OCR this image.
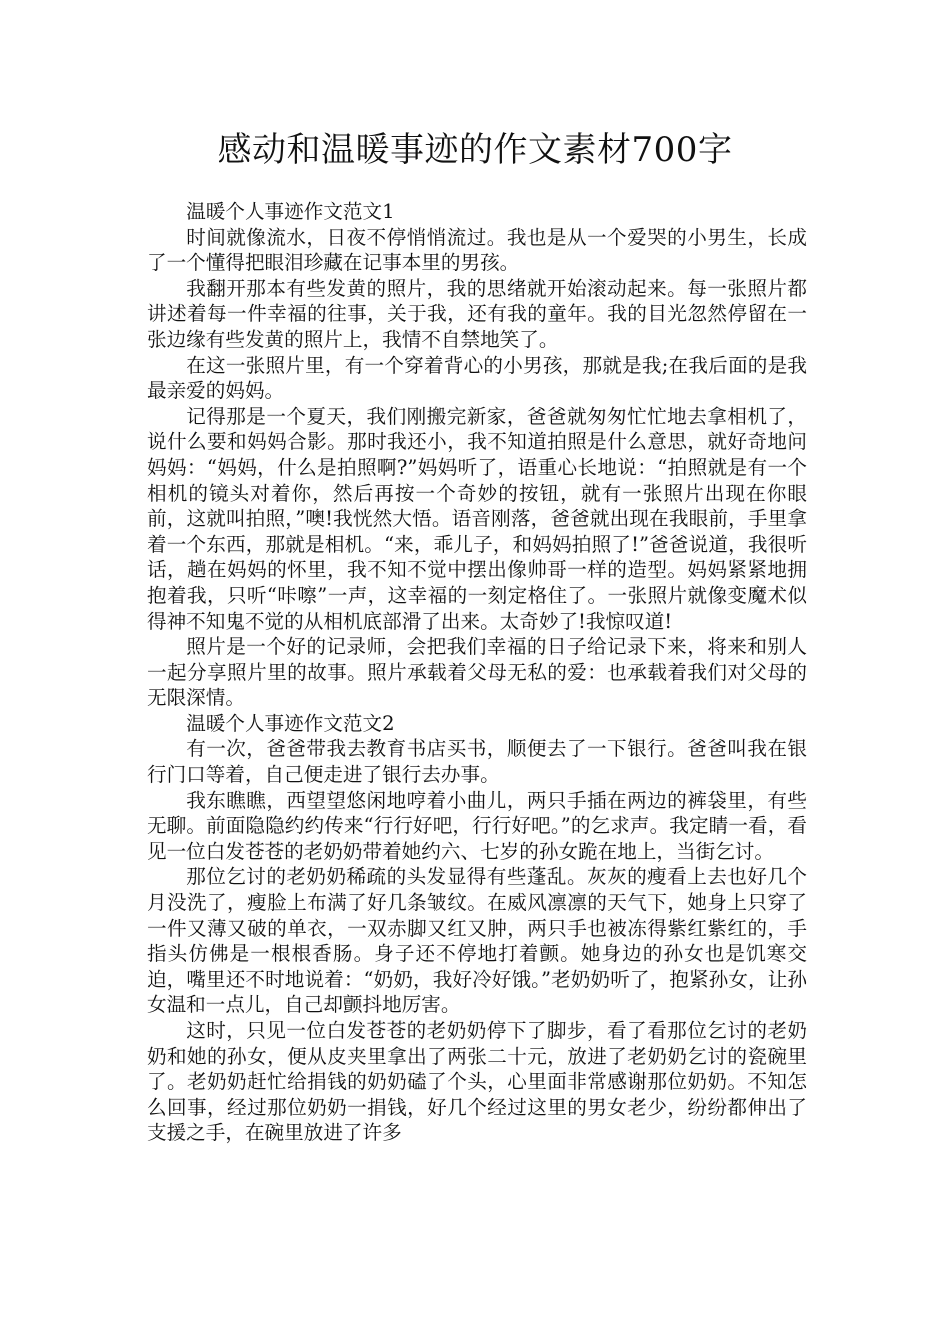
感动和温暖事迹的作文素材700字

温暖个人事迹作文范文1

时间就像流水，日夜不停悄悄流过。我也是从一个爱哭的小男生，长成了一个懂得把眼泪珍藏在记事本里的男孩。

我翻开那本有些发黄的照片，我的思绪就开始滚动起来。每一张照片都讲述着每一件幸福的往事，关于我，还有我的童年。我的目光忽然停留在一张边缘有些发黄的照片上，我情不自禁地笑了。

在这一张照片里，有一个穿着背心的小男孩，那就是我;在我后面的是我最亲爱的妈妈。

记得那是一个夏天，我们刚搬完新家，爸爸就匆匆忙忙地去拿相机了，说什么要和妈妈合影。那时我还小，我不知道拍照是什么意思，就好奇地问妈妈：“妈妈，什么是拍照啊?”妈妈听了，语重心长地说：“拍照就是有一个相机的镜头对着你，然后再按一个奇妙的按钮，就有一张照片出现在你眼前，这就叫拍照，”噢!我恍然大悟。语音刚落，爸爸就出现在我眼前，手里拿着一个东西，那就是相机。“来，乖儿子，和妈妈拍照了!”爸爸说道，我很听话，趟在妈妈的怀里，我不知不觉中摆出像帅哥一样的造型。妈妈紧紧地拥抱着我，只听“咔嚓”一声，这幸福的一刻定格住了。一张照片就像变魔术似得神不知鬼不觉的从相机底部滑了出来。太奇妙了!我惊叹道!

照片是一个好的记录师，会把我们幸福的日子给记录下来，将来和别人一起分享照片里的故事。照片承载着父母无私的爱：也承载着我们对父母的无限深情。

温暖个人事迹作文范文2

有一次，爸爸带我去教育书店买书，顺便去了一下银行。爸爸叫我在银行门口等着，自己便走进了银行去办事。

我东瞧瞧，西望望悠闲地哼着小曲儿，两只手插在两边的裤袋里，有些无聊。前面隐隐约约传来“行行好吧，行行好吧。”的乞求声。我定睛一看，看见一位白发苍苍的老奶奶带着她约六、七岁的孙女跪在地上，当街乞讨。

那位乞讨的老奶奶稀疏的头发显得有些蓬乱。灰灰的瘦看上去也好几个月没洗了，瘦脸上布满了好几条皱纹。在威风凛凛的天气下，她身上只穿了一件又薄又破的单衣，一双赤脚又红又肿，两只手也被冻得紫红紫红的，手指头仿佛是一根根香肠。身子还不停地打着颤。她身边的孙女也是饥寒交迫，嘴里还不时地说着：“奶奶，我好冷好饿。”老奶奶听了，抱紧孙女，让孙女温和一点儿，自己却颤抖地厉害。

这时，只见一位白发苍苍的老奶奶停下了脚步，看了看那位乞讨的老奶奶和她的孙女，便从皮夹里拿出了两张二十元，放进了老奶奶乞讨的瓷碗里了。老奶奶赶忙给捐钱的奶奶磕了个头，心里面非常感谢那位奶奶。不知怎么回事，经过那位奶奶一捐钱，好几个经过这里的男女老少，纷纷都伸出了支援之手，在碗里放进了许多
